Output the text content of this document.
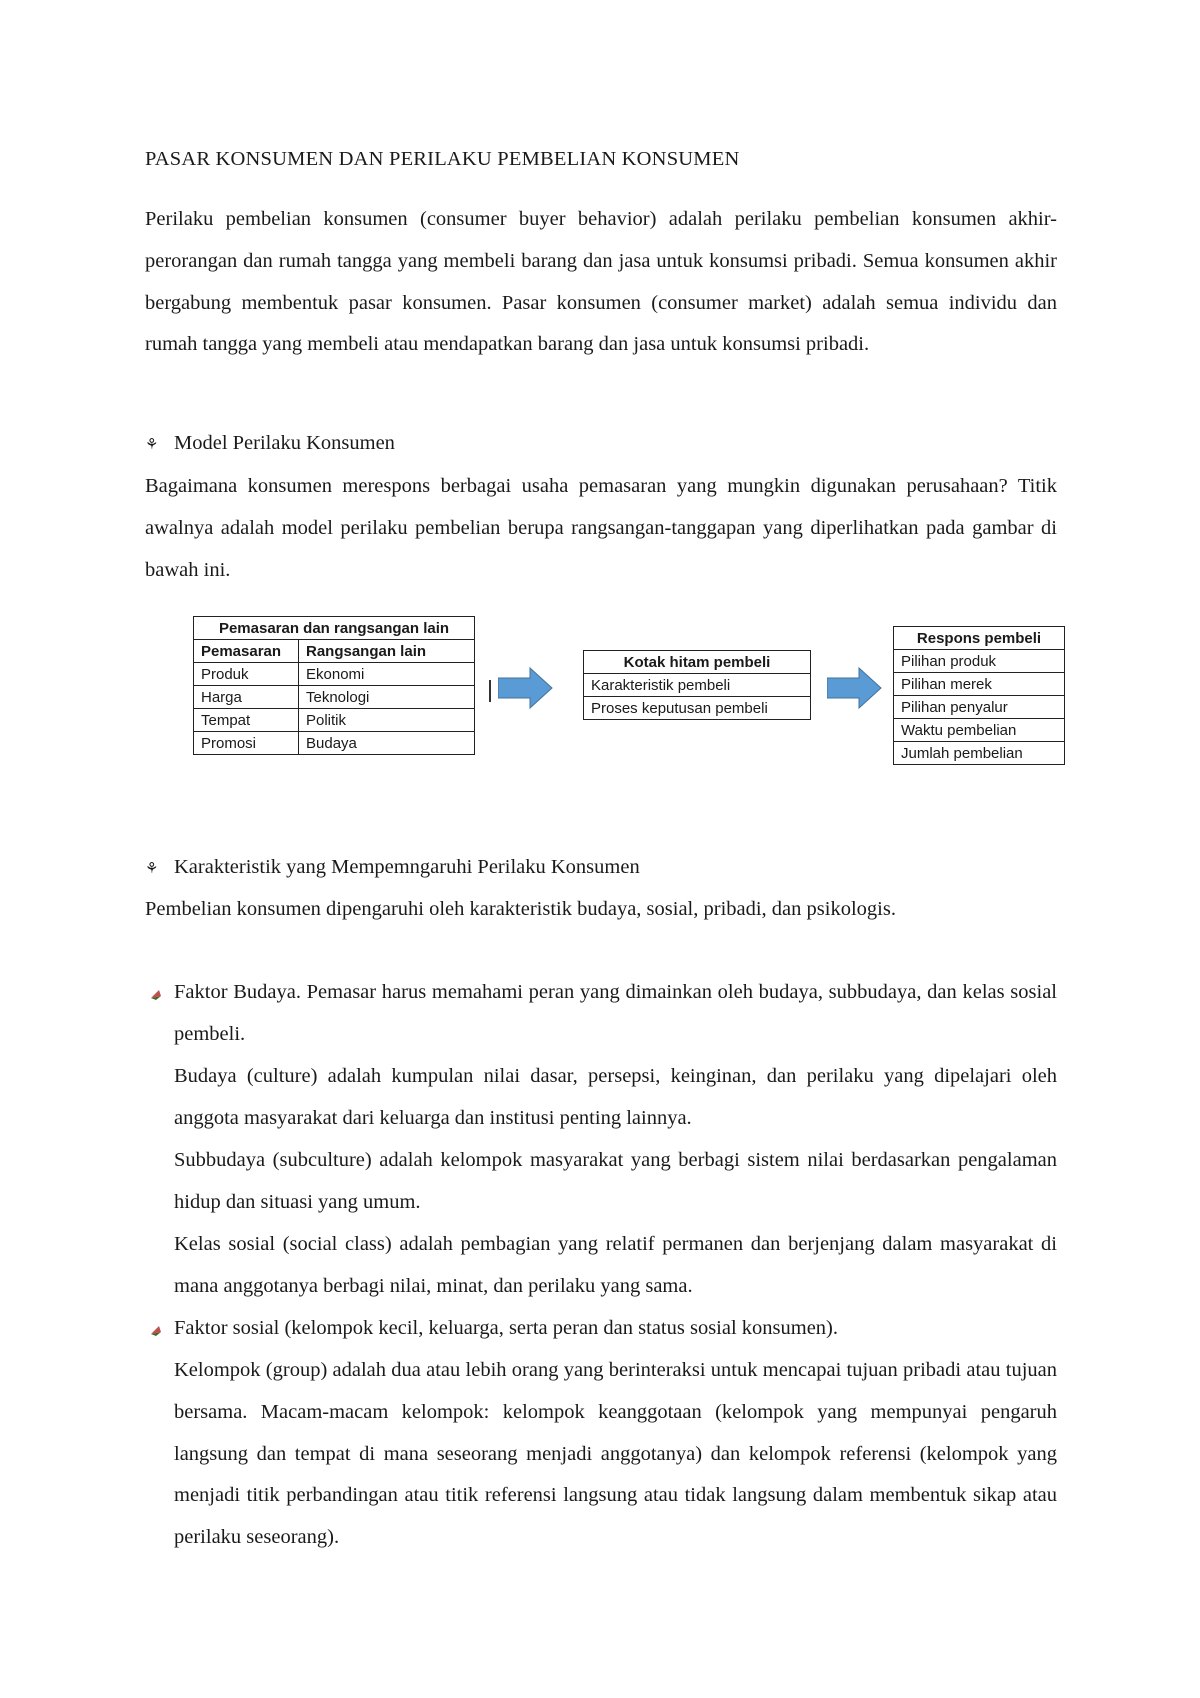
PASAR KONSUMEN DAN PERILAKU PEMBELIAN KONSUMEN

Perilaku pembelian konsumen (consumer buyer behavior) adalah perilaku pembelian konsumen akhir-perorangan dan rumah tangga yang membeli barang dan jasa untuk konsumsi pribadi. Semua konsumen akhir bergabung membentuk pasar konsumen. Pasar konsumen (consumer market) adalah semua individu dan rumah tangga yang membeli atau mendapatkan barang dan jasa untuk konsumsi pribadi.

⚘ Model Perilaku Konsumen

Bagaimana konsumen merespons berbagai usaha pemasaran yang mungkin digunakan perusahaan? Titik awalnya adalah model perilaku pembelian berupa rangsangan-tanggapan yang diperlihatkan pada gambar di bawah ini.

Pemasaran dan rangsangan lain	
Pemasaran	Rangsangan lain
Produk	Ekonomi
Harga	Teknologi
Tempat	Politik
Promosi	Budaya
Kotak hitam pembeli
Karakteristik pembeli
Proses keputusan pembeli
Respons pembeli
Pilihan produk
Pilihan merek
Pilihan penyalur
Waktu pembelian
Jumlah pembelian
⚘ Karakteristik yang Mempemngaruhi Perilaku Konsumen
Pembelian konsumen dipengaruhi oleh karakteristik budaya, sosial, pribadi, dan psikologis.

Faktor Budaya. Pemasar harus memahami peran yang dimainkan oleh budaya, subbudaya, dan kelas sosial pembeli.

Budaya (culture) adalah kumpulan nilai dasar, persepsi, keinginan, dan perilaku yang dipelajari oleh anggota masyarakat dari keluarga dan institusi penting lainnya.

Subbudaya (subculture) adalah kelompok masyarakat yang berbagi sistem nilai berdasarkan pengalaman hidup dan situasi yang umum.

Kelas sosial (social class) adalah pembagian yang relatif permanen dan berjenjang dalam masyarakat di mana anggotanya berbagi nilai, minat, dan perilaku yang sama.

Faktor sosial (kelompok kecil, keluarga, serta peran dan status sosial konsumen).

Kelompok (group) adalah dua atau lebih orang yang berinteraksi untuk mencapai tujuan pribadi atau tujuan bersama. Macam-macam kelompok: kelompok keanggotaan (kelompok yang mempunyai pengaruh langsung dan tempat di mana seseorang menjadi anggotanya) dan kelompok referensi (kelompok yang menjadi titik perbandingan atau titik referensi langsung atau tidak langsung dalam membentuk sikap atau perilaku seseorang).
